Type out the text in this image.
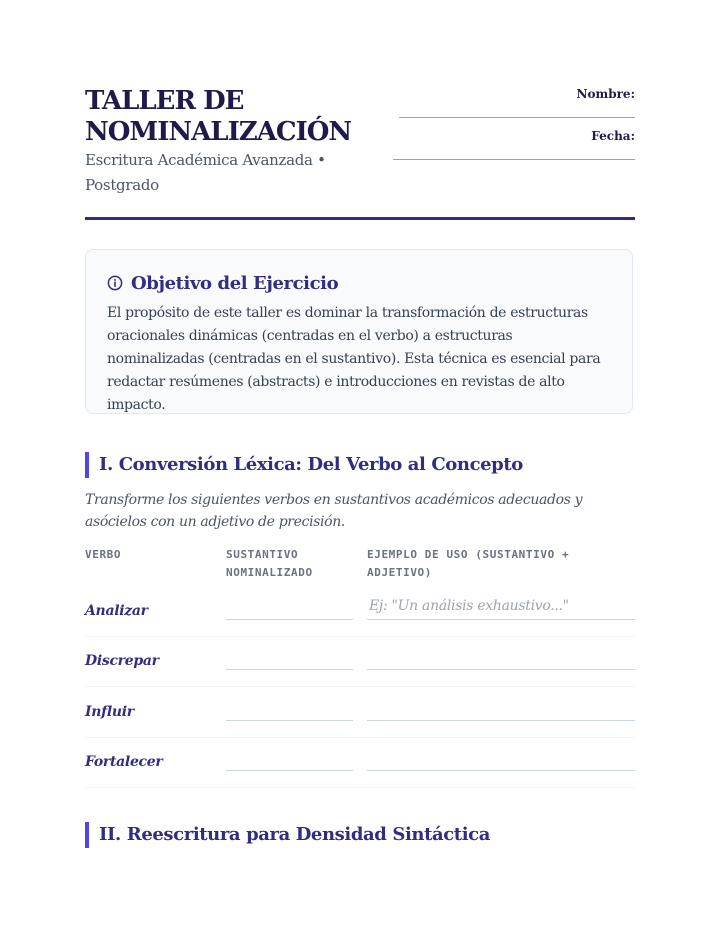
TALLER DE NOMINALIZACIÓN

Escritura Académica Avanzada • Postgrado

Nombre:
Fecha:
Objetivo del Ejercicio

El propósito de este taller es dominar la transformación de estructuras oracionales dinámicas (centradas en el verbo) a estructuras nominalizadas (centradas en el sustantivo). Esta técnica es esencial para redactar resúmenes (abstracts) e introducciones en revistas de alto impacto.

I. Conversión Léxica: Del Verbo al Concepto

Transforme los siguientes verbos en sustantivos académicos adecuados y asócielos con un adjetivo de precisión.

VERBO	SUSTANTIVO NOMINALIZADO
EJEMPLO DE USO (SUSTANTIVO + ADJETIVO)
Analizar
Ej: "Un análisis exhaustivo..."
Discrepar
Influir
Fortalecer
II. Reescritura para Densidad Sintáctica
